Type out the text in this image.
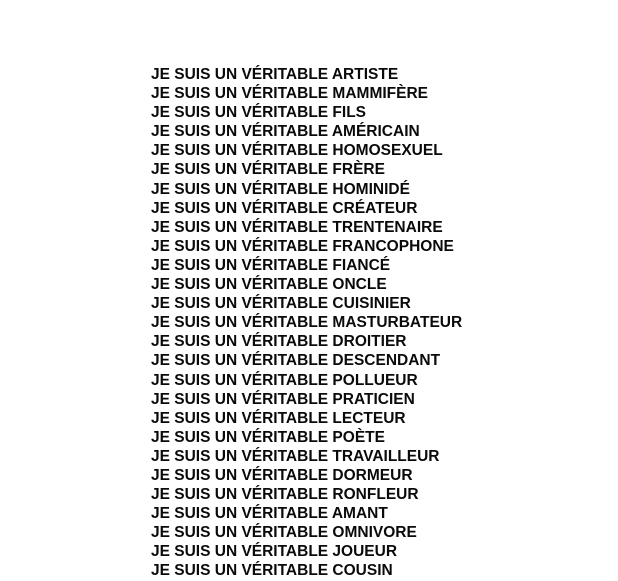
JE SUIS UN VÉRITABLE ARTISTE
JE SUIS UN VÉRITABLE MAMMIFÈRE
JE SUIS UN VÉRITABLE FILS
JE SUIS UN VÉRITABLE AMÉRICAIN
JE SUIS UN VÉRITABLE HOMOSEXUEL
JE SUIS UN VÉRITABLE FRÈRE
JE SUIS UN VÉRITABLE HOMINIDÉ
JE SUIS UN VÉRITABLE CRÉATEUR
JE SUIS UN VÉRITABLE TRENTENAIRE
JE SUIS UN VÉRITABLE FRANCOPHONE
JE SUIS UN VÉRITABLE FIANCÉ
JE SUIS UN VÉRITABLE ONCLE
JE SUIS UN VÉRITABLE CUISINIER
JE SUIS UN VÉRITABLE MASTURBATEUR
JE SUIS UN VÉRITABLE DROITIER
JE SUIS UN VÉRITABLE DESCENDANT
JE SUIS UN VÉRITABLE POLLUEUR
JE SUIS UN VÉRITABLE PRATICIEN
JE SUIS UN VÉRITABLE LECTEUR
JE SUIS UN VÉRITABLE POÈTE
JE SUIS UN VÉRITABLE TRAVAILLEUR
JE SUIS UN VÉRITABLE DORMEUR
JE SUIS UN VÉRITABLE RONFLEUR
JE SUIS UN VÉRITABLE AMANT
JE SUIS UN VÉRITABLE OMNIVORE
JE SUIS UN VÉRITABLE JOUEUR
JE SUIS UN VÉRITABLE COUSIN
